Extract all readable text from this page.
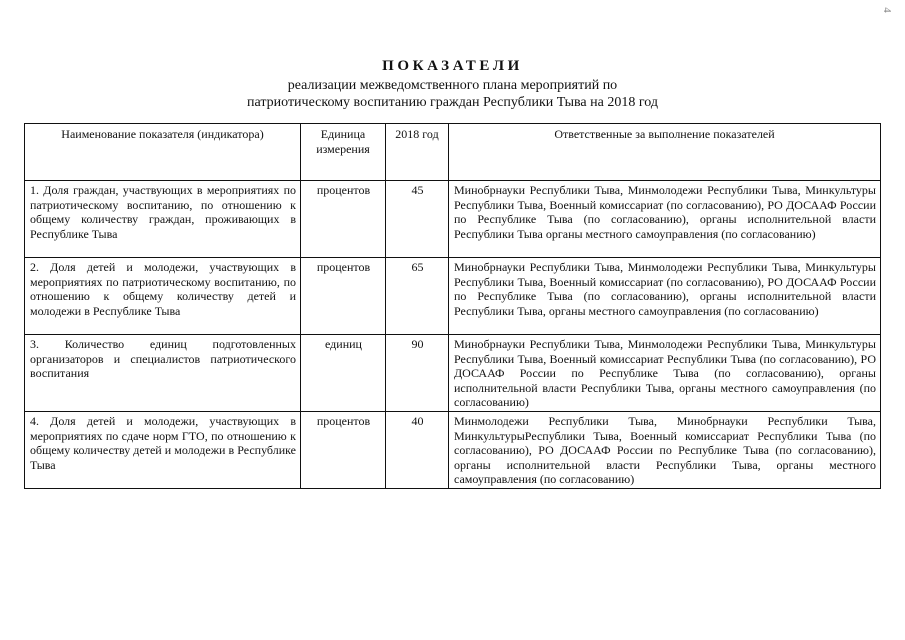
4
ПОКАЗАТЕЛИ
реализации межведомственного плана мероприятий по
патриотическому воспитанию граждан Республики Тыва на 2018 год
Наименование показателя (индикатора)	Единица измерения	2018 год	Ответственные за выполнение показателей
1. Доля граждан, участвующих в мероприятиях по патриотическому воспитанию, по отношению к общему количеству граждан, проживающих в Республике Тыва	процентов	45	Минобрнауки Республики Тыва, Минмолодежи Республики Тыва, Минкультуры Республики Тыва, Военный комиссариат (по согласованию), РО ДОСААФ России по Республике Тыва (по согласованию), органы исполнительной власти Республики Тыва органы местного самоуправления (по согласованию)
2. Доля детей и молодежи, участвующих в мероприятиях по патриотическому воспитанию, по отношению к общему количеству детей и молодежи в Республике Тыва	процентов	65	Минобрнауки Республики Тыва, Минмолодежи Республики Тыва, Минкультуры Республики Тыва, Военный комиссариат (по согласованию), РО ДОСААФ России по Республике Тыва (по согласованию), органы исполнительной власти Республики Тыва, органы местного самоуправления (по согласованию)
3. Количество единиц подготовленных организаторов и специалистов патриотического воспитания	единиц	90	Минобрнауки Республики Тыва, Минмолодежи Республики Тыва, Минкультуры Республики Тыва, Военный комиссариат Республики Тыва (по согласованию), РО ДОСААФ России по Республике Тыва (по согласованию), органы исполнительной власти Республики Тыва, органы местного самоуправления (по согласованию)
4. Доля детей и молодежи, участвующих в мероприятиях по сдаче норм ГТО, по отношению к общему количеству детей и молодежи в Республике Тыва	процентов	40	Минмолодежи Республики Тыва, Минобрнауки Республики Тыва, МинкультурыРеспублики Тыва, Военный комиссариат Республики Тыва (по согласованию), РО ДОСААФ России по Республике Тыва (по согласованию), органы исполнительной власти Республики Тыва, органы местного самоуправления (по согласованию)
